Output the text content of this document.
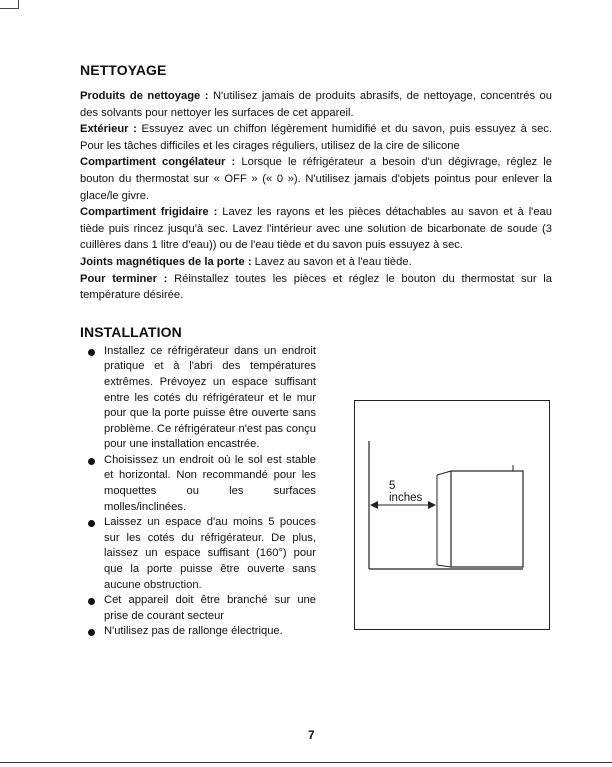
NETTOYAGE

Produits de nettoyage : N'utilisez jamais de produits abrasifs, de nettoyage, concentrés ou des solvants pour nettoyer les surfaces de cet appareil.

Extérieur : Essuyez avec un chiffon légèrement humidifié et du savon, puis essuyez à sec. Pour les tâches difficiles et les cirages réguliers, utilisez de la cire de silicone

Compartiment congélateur : Lorsque le réfrigérateur a besoin d'un dégivrage, réglez le bouton du thermostat sur « OFF » (« 0 »). N'utilisez jamais d'objets pointus pour enlever la glace/le givre.

Compartiment frigidaire : Lavez les rayons et les pièces détachables au savon et à l'eau tiède puis rincez jusqu'à sec. Lavez l'intérieur avec une solution de bicarbonate de soude (3 cuillères dans 1 litre d'eau)) ou de l'eau tiède et du savon puis essuyez à sec.

Joints magnétiques de la porte : Lavez au savon et à l'eau tiède.

Pour terminer : Réinstallez toutes les pièces et réglez le bouton du thermostat sur la température désirée.

INSTALLATION
Installez ce réfrigérateur dans un endroit pratique et à l'abri des températures extrêmes. Prévoyez un espace suffisant entre les cotés du réfrigérateur et le mur pour que la porte puisse être ouverte sans problème. Ce réfrigérateur n'est pas conçu pour une installation encastrée.
Choisissez un endroit où le sol est stable et horizontal. Non recommandé pour les moquettes ou les surfaces molles/inclinées.
Laissez un espace d'au moins 5 pouces sur les cotés du réfrigérateur. De plus, laissez un espace suffisant (160°) pour que la porte puisse être ouverte sans aucune obstruction.
Cet appareil doit être branché sur une prise de courant secteur
N'utilisez pas de rallonge électrique.
5
inches
7
